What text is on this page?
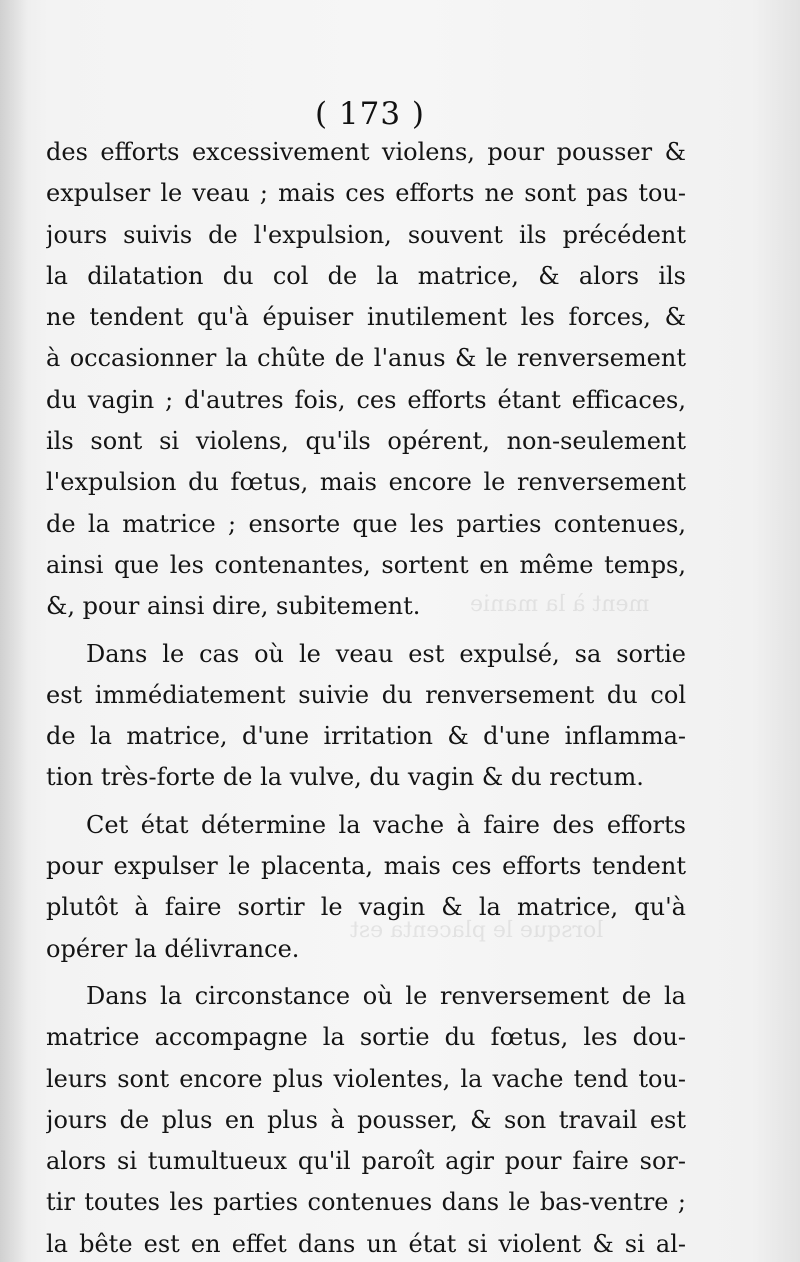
ment à la manie
lorsque le placenta est
( 173 )
des efforts excessivement violens, pour pousser &
expulser le veau ; mais ces efforts ne sont pas tou-
jours suivis de l'expulsion, souvent ils précédent
la dilatation du col de la matrice, & alors ils
ne tendent qu'à épuiser inutilement les forces, &
à occasionner la chûte de l'anus & le renversement
du vagin ; d'autres fois, ces efforts étant efficaces,
ils sont si violens, qu'ils opérent, non-seulement
l'expulsion du fœtus, mais encore le renversement
de la matrice ; ensorte que les parties contenues,
ainsi que les contenantes, sortent en même temps,
&, pour ainsi dire, subitement.
Dans le cas où le veau est expulsé, sa sortie
est immédiatement suivie du renversement du col
de la matrice, d'une irritation & d'une inflamma-
tion très-forte de la vulve, du vagin & du rectum.
Cet état détermine la vache à faire des efforts
pour expulser le placenta, mais ces efforts tendent
plutôt à faire sortir le vagin & la matrice, qu'à
opérer la délivrance.
Dans la circonstance où le renversement de la
matrice accompagne la sortie du fœtus, les dou-
leurs sont encore plus violentes, la vache tend tou-
jours de plus en plus à pousser, & son travail est
alors si tumultueux qu'il paroît agir pour faire sor-
tir toutes les parties contenues dans le bas-ventre ;
la bête est en effet dans un état si violent & si al-
